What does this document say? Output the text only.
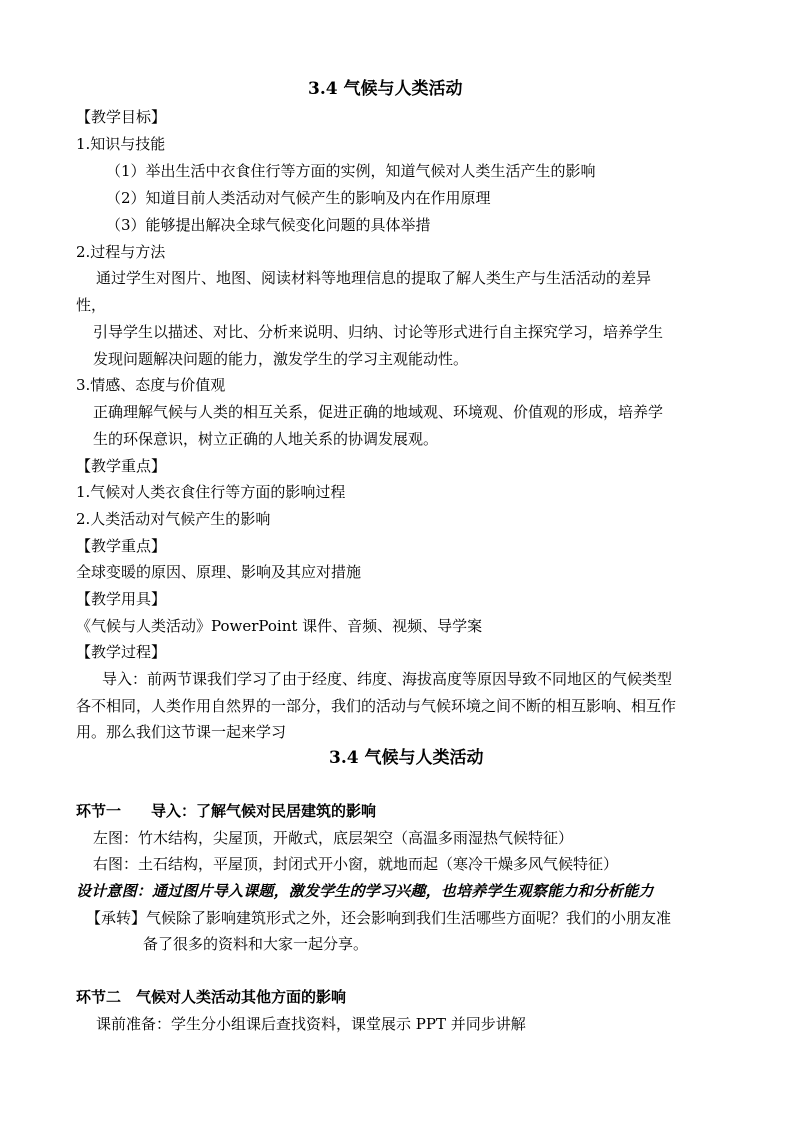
3.4 气候与人类活动
【教学目标】
1.知识与技能
（1）举出生活中衣食住行等方面的实例，知道气候对人类生活产生的影响
（2）知道目前人类活动对气候产生的影响及内在作用原理
（3）能够提出解决全球气候变化问题的具体举措
2.过程与方法
通过学生对图片、地图、阅读材料等地理信息的提取了解人类生产与生活活动的差异
性，
引导学生以描述、对比、分析来说明、归纳、讨论等形式进行自主探究学习，培养学生
发现问题解决问题的能力，激发学生的学习主观能动性。
3.情感、态度与价值观
正确理解气候与人类的相互关系，促进正确的地域观、环境观、价值观的形成，培养学
生的环保意识，树立正确的人地关系的协调发展观。
【教学重点】
1.气候对人类衣食住行等方面的影响过程
2.人类活动对气候产生的影响
【教学重点】
全球变暖的原因、原理、影响及其应对措施
【教学用具】
《气候与人类活动》PowerPoint 课件、音频、视频、导学案
【教学过程】
导入：前两节课我们学习了由于经度、纬度、海拔高度等原因导致不同地区的气候类型
各不相同，人类作用自然界的一部分，我们的活动与气候环境之间不断的相互影响、相互作
用。那么我们这节课一起来学习
3.4 气候与人类活动
环节一　　导入：了解气候对民居建筑的影响
左图：竹木结构，尖屋顶，开敞式，底层架空（高温多雨湿热气候特征）
右图：土石结构，平屋顶，封闭式开小窗，就地而起（寒冷干燥多风气候特征）
设计意图：通过图片导入课题，激发学生的学习兴趣，也培养学生观察能力和分析能力
【承转】气候除了影响建筑形式之外，还会影响到我们生活哪些方面呢？我们的小朋友准
备了很多的资料和大家一起分享。
环节二　气候对人类活动其他方面的影响
课前准备：学生分小组课后查找资料，课堂展示 PPT 并同步讲解
